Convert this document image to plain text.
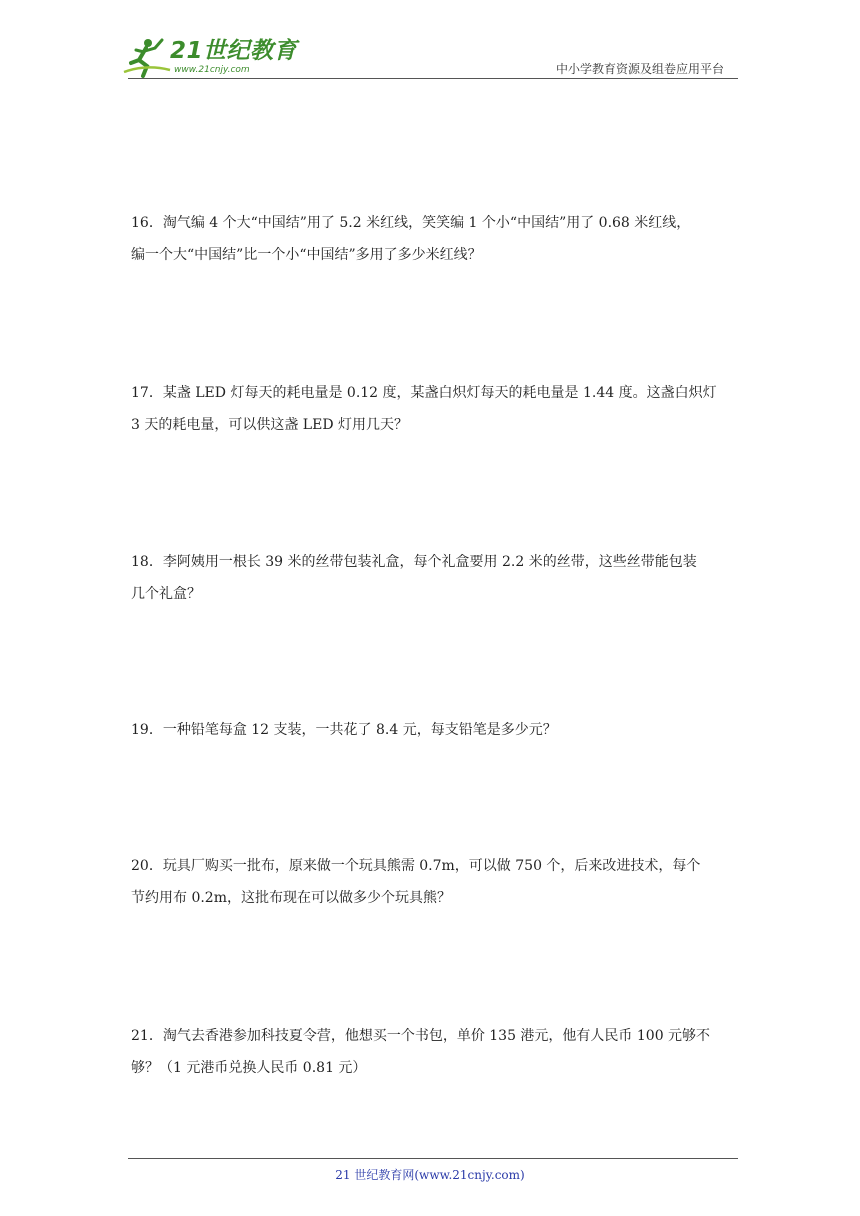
21世纪教育
www.21cnjy.com	中小学教育资源及组卷应用平台

16．淘气编 4 个大“中国结”用了 5.2 米红线，笑笑编 1 个小“中国结”用了 0.68 米红线，

编一个大“中国结”比一个小“中国结”多用了多少米红线？

17．某盏 LED 灯每天的耗电量是 0.12 度，某盏白炽灯每天的耗电量是 1.44 度。这盏白炽灯

3 天的耗电量，可以供这盏 LED 灯用几天？

18．李阿姨用一根长 39 米的丝带包装礼盒，每个礼盒要用 2.2 米的丝带，这些丝带能包装

几个礼盒？

19．一种铅笔每盒 12 支装，一共花了 8.4 元，每支铅笔是多少元？

20．玩具厂购买一批布，原来做一个玩具熊需 0.7m，可以做 750 个，后来改进技术，每个

节约用布 0.2m，这批布现在可以做多少个玩具熊？

21．淘气去香港参加科技夏令营，他想买一个书包，单价 135 港元，他有人民币 100 元够不

够？（1 元港币兑换人民币 0.81 元）

21 世纪教育网(www.21cnjy.com)
